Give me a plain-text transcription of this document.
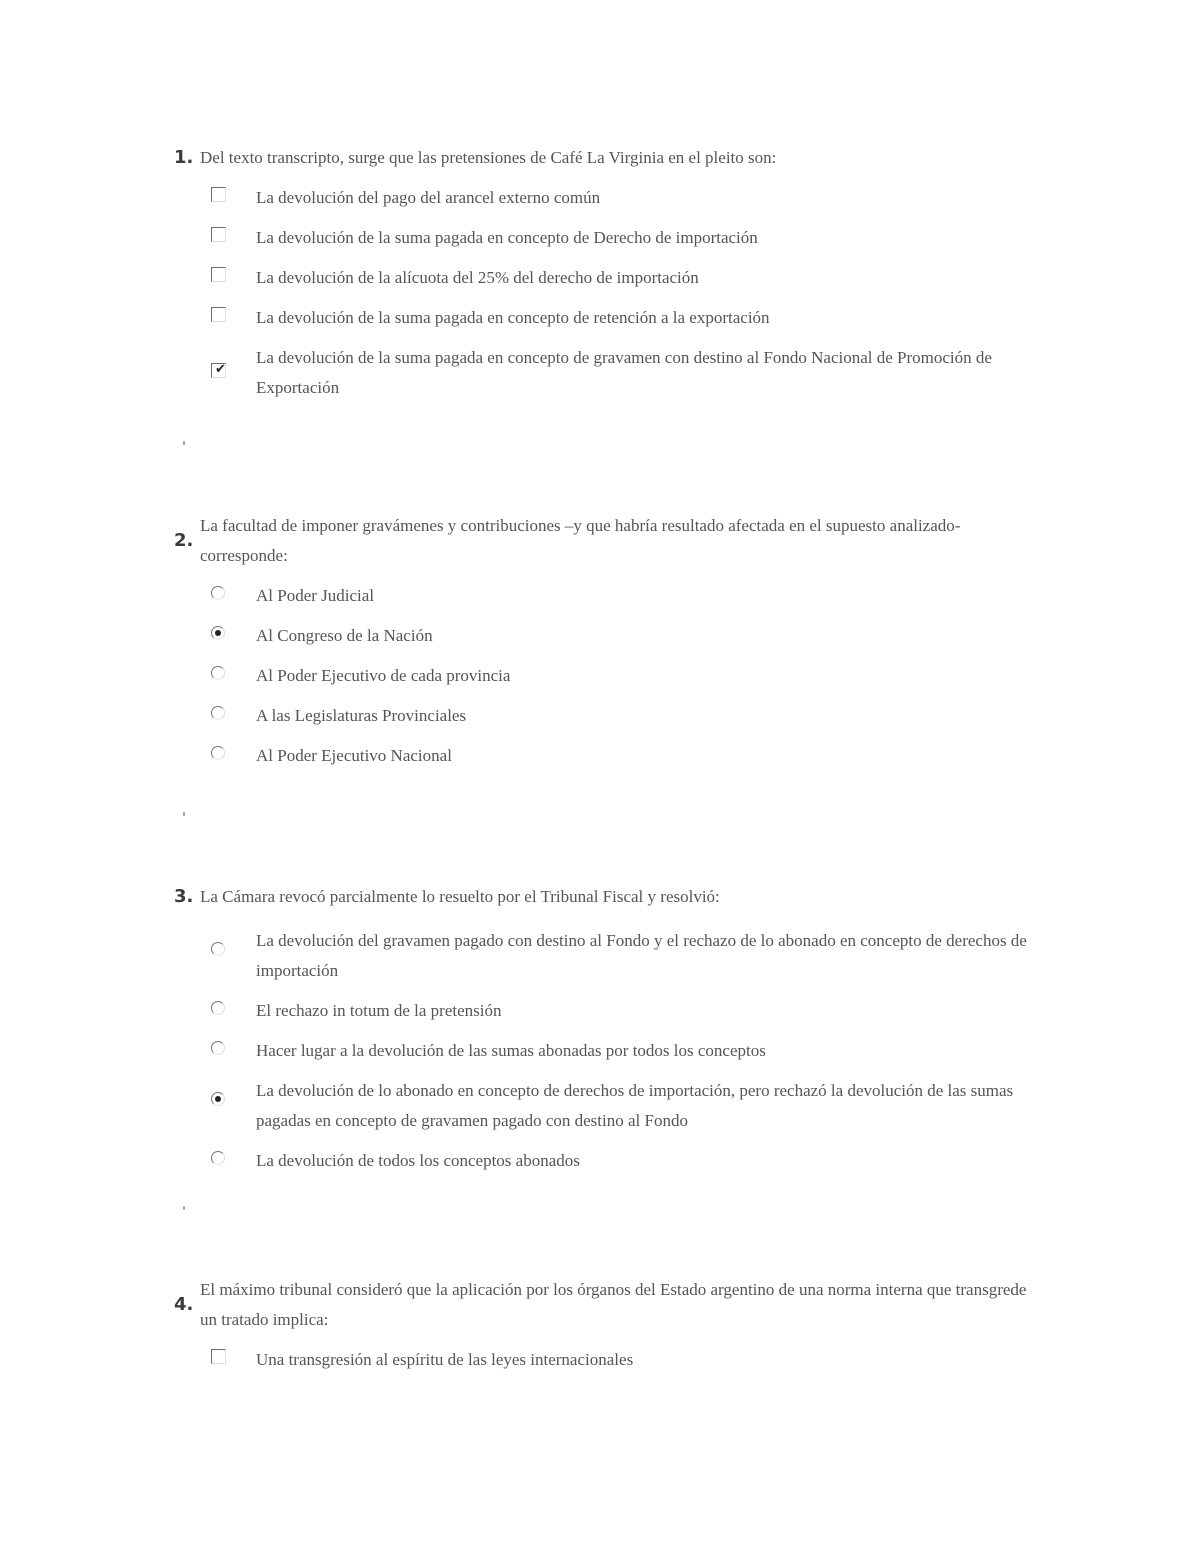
1. Del texto transcripto, surge que las pretensiones de Café La Virginia en el pleito son:
La devolución del pago del arancel externo común
La devolución de la suma pagada en concepto de Derecho de importación
La devolución de la alícuota del 25% del derecho de importación
La devolución de la suma pagada en concepto de retención a la exportación
✔
La devolución de la suma pagada en concepto de gravamen con destino al Fondo Nacional de Promoción de Exportación
2.
La facultad de imponer gravámenes y contribuciones –y que habría resultado afectada en el supuesto analizado- corresponde:
Al Poder Judicial
Al Congreso de la Nación
Al Poder Ejecutivo de cada provincia
A las Legislaturas Provinciales
Al Poder Ejecutivo Nacional
3. La Cámara revocó parcialmente lo resuelto por el Tribunal Fiscal y resolvió:
La devolución del gravamen pagado con destino al Fondo y el rechazo de lo abonado en concepto de derechos de importación
El rechazo in totum de la pretensión
Hacer lugar a la devolución de las sumas abonadas por todos los conceptos
La devolución de lo abonado en concepto de derechos de importación, pero rechazó la devolución de las sumas pagadas en concepto de gravamen pagado con destino al Fondo
La devolución de todos los conceptos abonados
4.
El máximo tribunal consideró que la aplicación por los órganos del Estado argentino de una norma interna que transgrede un tratado implica:
Una transgresión al espíritu de las leyes internacionales
